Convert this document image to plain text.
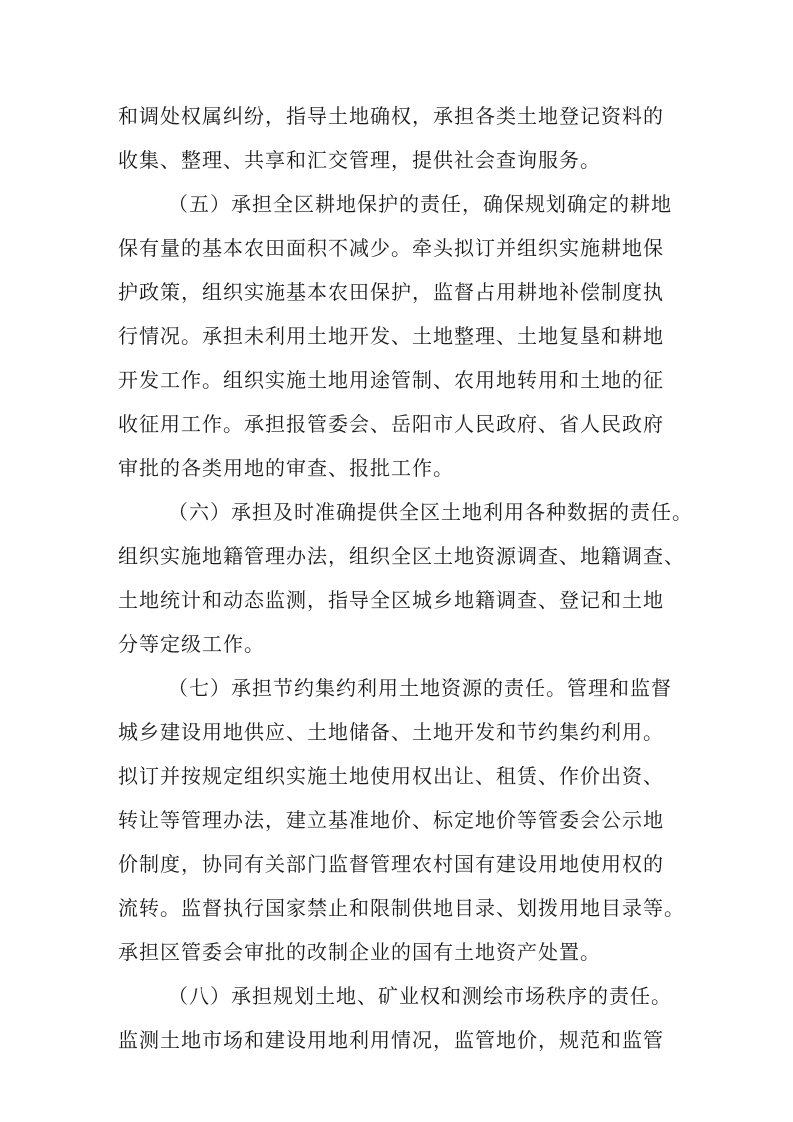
和调处权属纠纷，指导土地确权，承担各类土地登记资料的
收集、整理、共享和汇交管理，提供社会查询服务。
（五）承担全区耕地保护的责任，确保规划确定的耕地
保有量的基本农田面积不减少。牵头拟订并组织实施耕地保
护政策，组织实施基本农田保护，监督占用耕地补偿制度执
行情况。承担未利用土地开发、土地整理、土地复垦和耕地
开发工作。组织实施土地用途管制、农用地转用和土地的征
收征用工作。承担报管委会、岳阳市人民政府、省人民政府
审批的各类用地的审查、报批工作。
（六）承担及时准确提供全区土地利用各种数据的责任。
组织实施地籍管理办法，组织全区土地资源调查、地籍调查、
土地统计和动态监测，指导全区城乡地籍调查、登记和土地
分等定级工作。
（七）承担节约集约利用土地资源的责任。管理和监督
城乡建设用地供应、土地储备、土地开发和节约集约利用。
拟订并按规定组织实施土地使用权出让、租赁、作价出资、
转让等管理办法，建立基准地价、标定地价等管委会公示地
价制度，协同有关部门监督管理农村国有建设用地使用权的
流转。监督执行国家禁止和限制供地目录、划拨用地目录等。
承担区管委会审批的改制企业的国有土地资产处置。
（八）承担规划土地、矿业权和测绘市场秩序的责任。
监测土地市场和建设用地利用情况，监管地价，规范和监管
